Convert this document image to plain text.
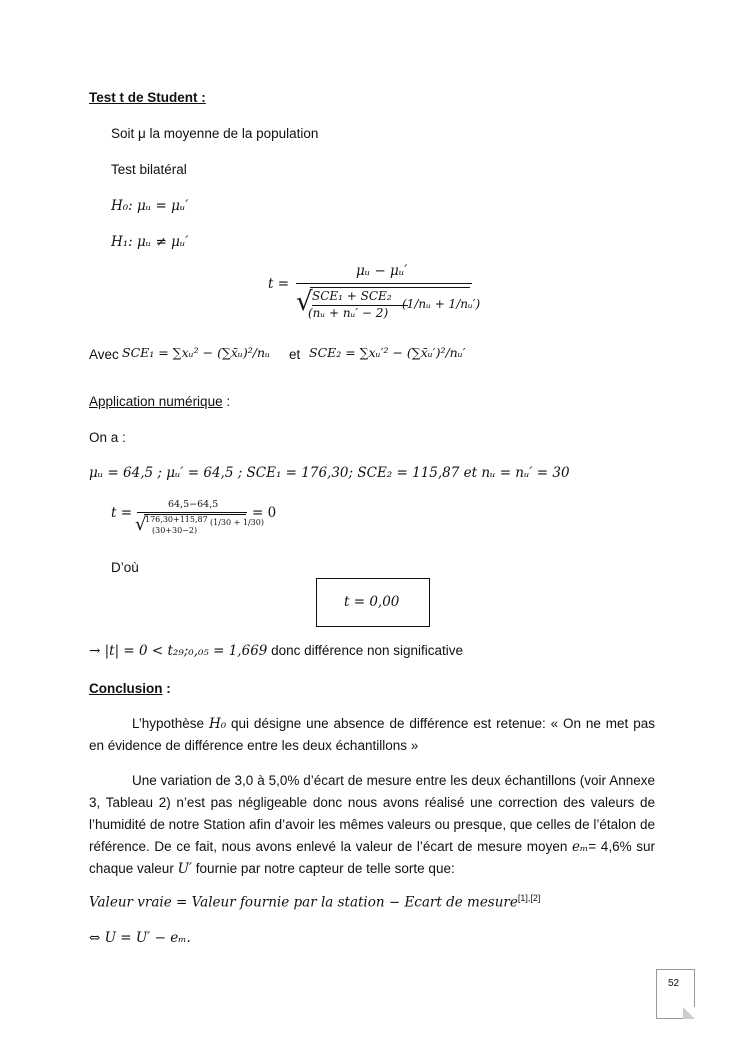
Test t de Student :
Soit μ la moyenne de la population
Test bilatéral
H₀: μᵤ = μᵤ′
H₁: μᵤ ≠ μᵤ′
t =
μᵤ − μᵤ′
√ SCE₁ + SCE₂
(nᵤ + nᵤ′ − 2)
(1/nᵤ + 1/nᵤ′)
Avec SCE₁ = ∑xᵤ² − (∑x̄ᵤ)²/nᵤ et SCE₂ = ∑xᵤ′² − (∑x̄ᵤ′)²/nᵤ′
Application numérique :
On a :
μᵤ = 64,5 ; μᵤ′ = 64,5 ; SCE₁ = 176,30; SCE₂ = 115,87 et nᵤ = nᵤ′ = 30
t =
64,5−64,5
√
176,30+115,87
(30+30−2)
(1/30 + 1/30)
= 0
D’où
t = 0,00
→ |t| = 0 < t₂₉;₀,₀₅ = 1,669 donc différence non significative
Conclusion :
L’hypothèse H₀ qui désigne une absence de différence est retenue: « On ne met pas en évidence de différence entre les deux échantillons »
Une variation de 3,0 à 5,0% d’écart de mesure entre les deux échantillons (voir Annexe 3, Tableau 2) n’est pas négligeable donc nous avons réalisé une correction des valeurs de l’humidité de notre Station afin d’avoir les mêmes valeurs ou presque, que celles de l’étalon de référence. De ce fait, nous avons enlevé la valeur de l’écart de mesure moyen eₘ= 4,6% sur chaque valeur U′ fournie par notre capteur de telle sorte que:
Valeur vraie = Valeur fournie par la station − Ecart de mesure[1],[2]
⇔ U = U′ − eₘ.
52
